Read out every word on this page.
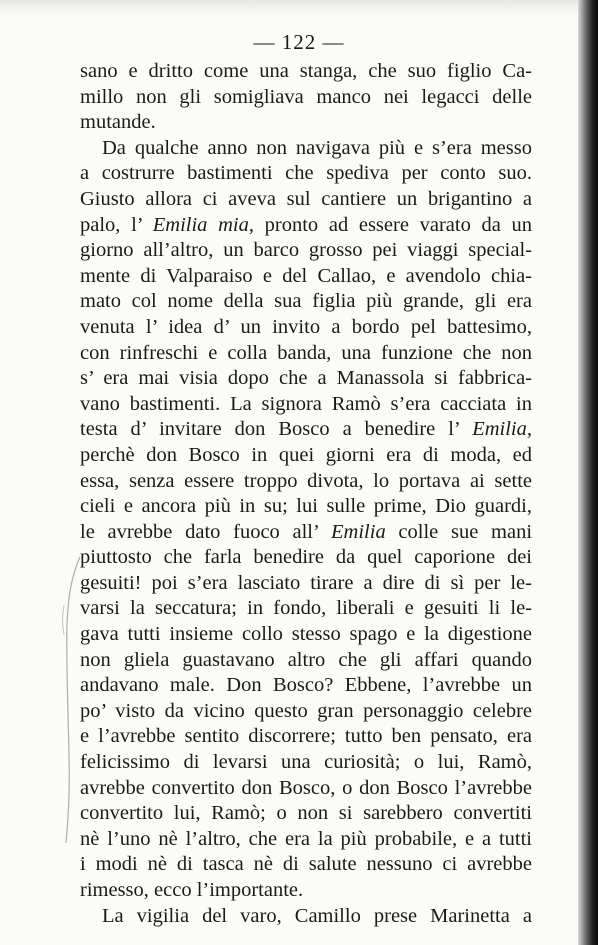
— 122 —
sano e dritto come una stanga, che suo figlio Ca-
millo non gli somigliava manco nei legacci delle
mutande.
Da qualche anno non navigava più e s’era messo
a costrurre bastimenti che spediva per conto suo.
Giusto allora ci aveva sul cantiere un brigantino a
palo, l’ Emilia mia, pronto ad essere varato da un
giorno all’altro, un barco grosso pei viaggi special-
mente di Valparaiso e del Callao, e avendolo chia-
mato col nome della sua figlia più grande, gli era
venuta l’ idea d’ un invito a bordo pel battesimo,
con rinfreschi e colla banda, una funzione che non
s’ era mai visia dopo che a Manassola si fabbrica-
vano bastimenti. La signora Ramò s’era cacciata in
testa d’ invitare don Bosco a benedire l’ Emilia,
perchè don Bosco in quei giorni era di moda, ed
essa, senza essere troppo divota, lo portava ai sette
cieli e ancora più in su; lui sulle prime, Dio guardi,
le avrebbe dato fuoco all’ Emilia colle sue mani
piuttosto che farla benedire da quel caporione dei
gesuiti! poi s’era lasciato tirare a dire di sì per le-
varsi la seccatura; in fondo, liberali e gesuiti li le-
gava tutti insieme collo stesso spago e la digestione
non gliela guastavano altro che gli affari quando
andavano male. Don Bosco? Ebbene, l’avrebbe un
po’ visto da vicino questo gran personaggio celebre
e l’avrebbe sentito discorrere; tutto ben pensato, era
felicissimo di levarsi una curiosità; o lui, Ramò,
avrebbe convertito don Bosco, o don Bosco l’avrebbe
convertito lui, Ramò; o non si sarebbero convertiti
nè l’uno nè l’altro, che era la più probabile, e a tutti
i modi nè di tasca nè di salute nessuno ci avrebbe
rimesso, ecco l’importante.
La vigilia del varo, Camillo prese Marinetta a
